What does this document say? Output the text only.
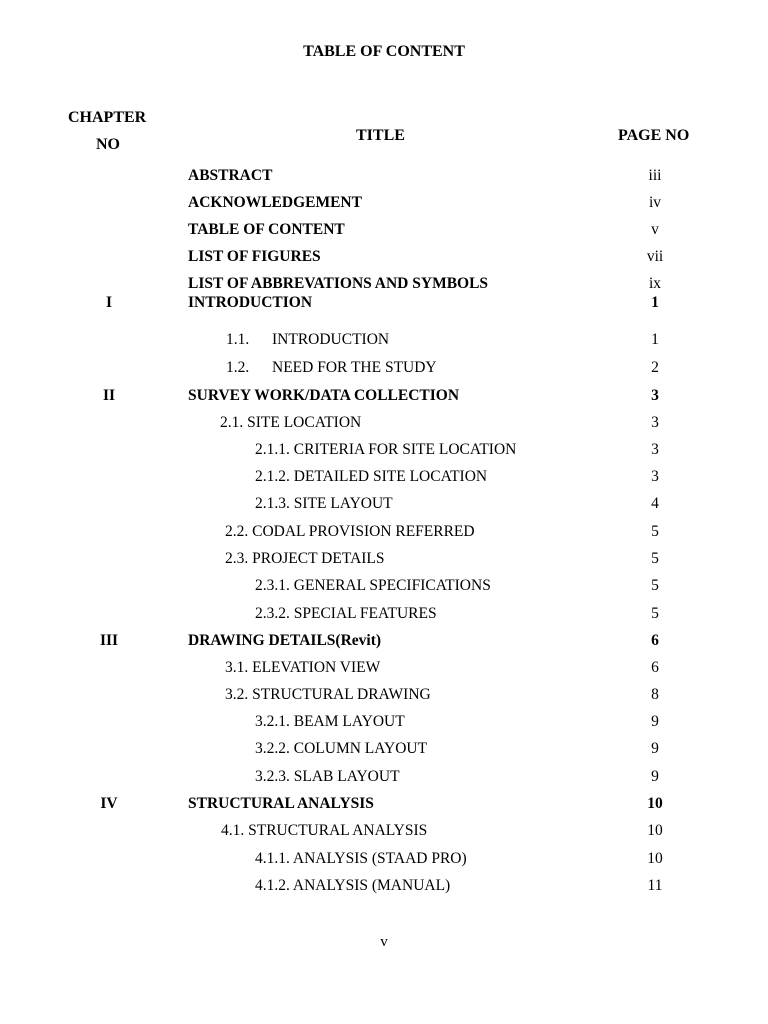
TABLE OF CONTENT
CHAPTER
NO
TITLE	PAGE NO
ABSTRACT	iii
ACKNOWLEDGEMENT	iv
TABLE OF CONTENT	v
LIST OF FIGURES	vii
LIST OF ABBREVATIONS AND SYMBOLS	ix
I	INTRODUCTION	1
1.1. INTRODUCTION	1
1.2. NEED FOR THE STUDY	2
II	SURVEY WORK/DATA COLLECTION	3
2.1. SITE LOCATION	3
2.1.1. CRITERIA FOR SITE LOCATION	3
2.1.2. DETAILED SITE LOCATION	3
2.1.3. SITE LAYOUT	4
2.2. CODAL PROVISION REFERRED	5
2.3. PROJECT DETAILS	5
2.3.1. GENERAL SPECIFICATIONS	5
2.3.2. SPECIAL FEATURES	5
III	DRAWING DETAILS(Revit)	6
3.1. ELEVATION VIEW	6
3.2. STRUCTURAL DRAWING	8
3.2.1. BEAM LAYOUT	9
3.2.2. COLUMN LAYOUT	9
3.2.3. SLAB LAYOUT	9
IV	STRUCTURAL ANALYSIS	10
4.1. STRUCTURAL ANALYSIS	10
4.1.1. ANALYSIS (STAAD PRO)	10
4.1.2. ANALYSIS (MANUAL)	11
v
